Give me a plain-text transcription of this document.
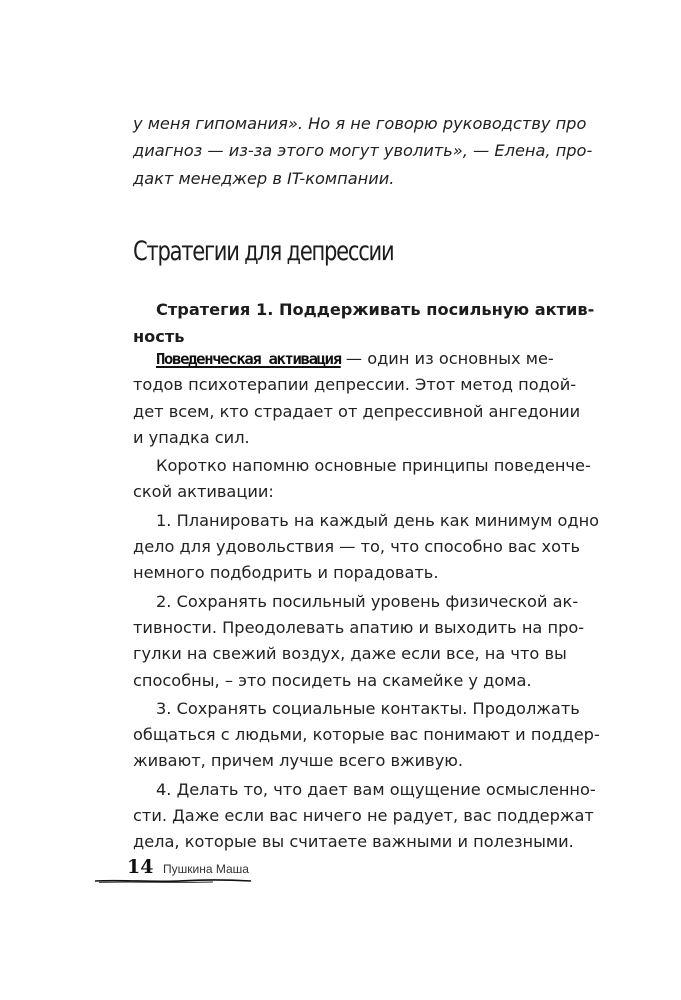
у меня гипомания». Но я не говорю руководству про
диагноз — из-за этого могут уволить», — Елена, про-
дакт менеджер в IT-компании.

Стратегии для депрессии
Стратегия 1. Поддерживать посильную актив-
ность
Поведенческая активация — один из основных ме-
тодов психотерапии депрессии. Этот метод подой-
дет всем, кто страдает от депрессивной ангедонии
и упадка сил.
Коротко напомню основные принципы поведенче-
ской активации:
1. Планировать на каждый день как минимум одно
дело для удовольствия — то, что способно вас хоть
немного подбодрить и порадовать.
2. Сохранять посильный уровень физической ак-
тивности. Преодолевать апатию и выходить на про-
гулки на свежий воздух, даже если все, на что вы
способны, – это посидеть на скамейке у дома.
3. Сохранять социальные контакты. Продолжать
общаться с людьми, которые вас понимают и поддер-
живают, причем лучше всего вживую.
4. Делать то, что дает вам ощущение осмысленно-
сти. Даже если вас ничего не радует, вас поддержат
дела, которые вы считаете важными и полезными.
14 Пушкина Маша
